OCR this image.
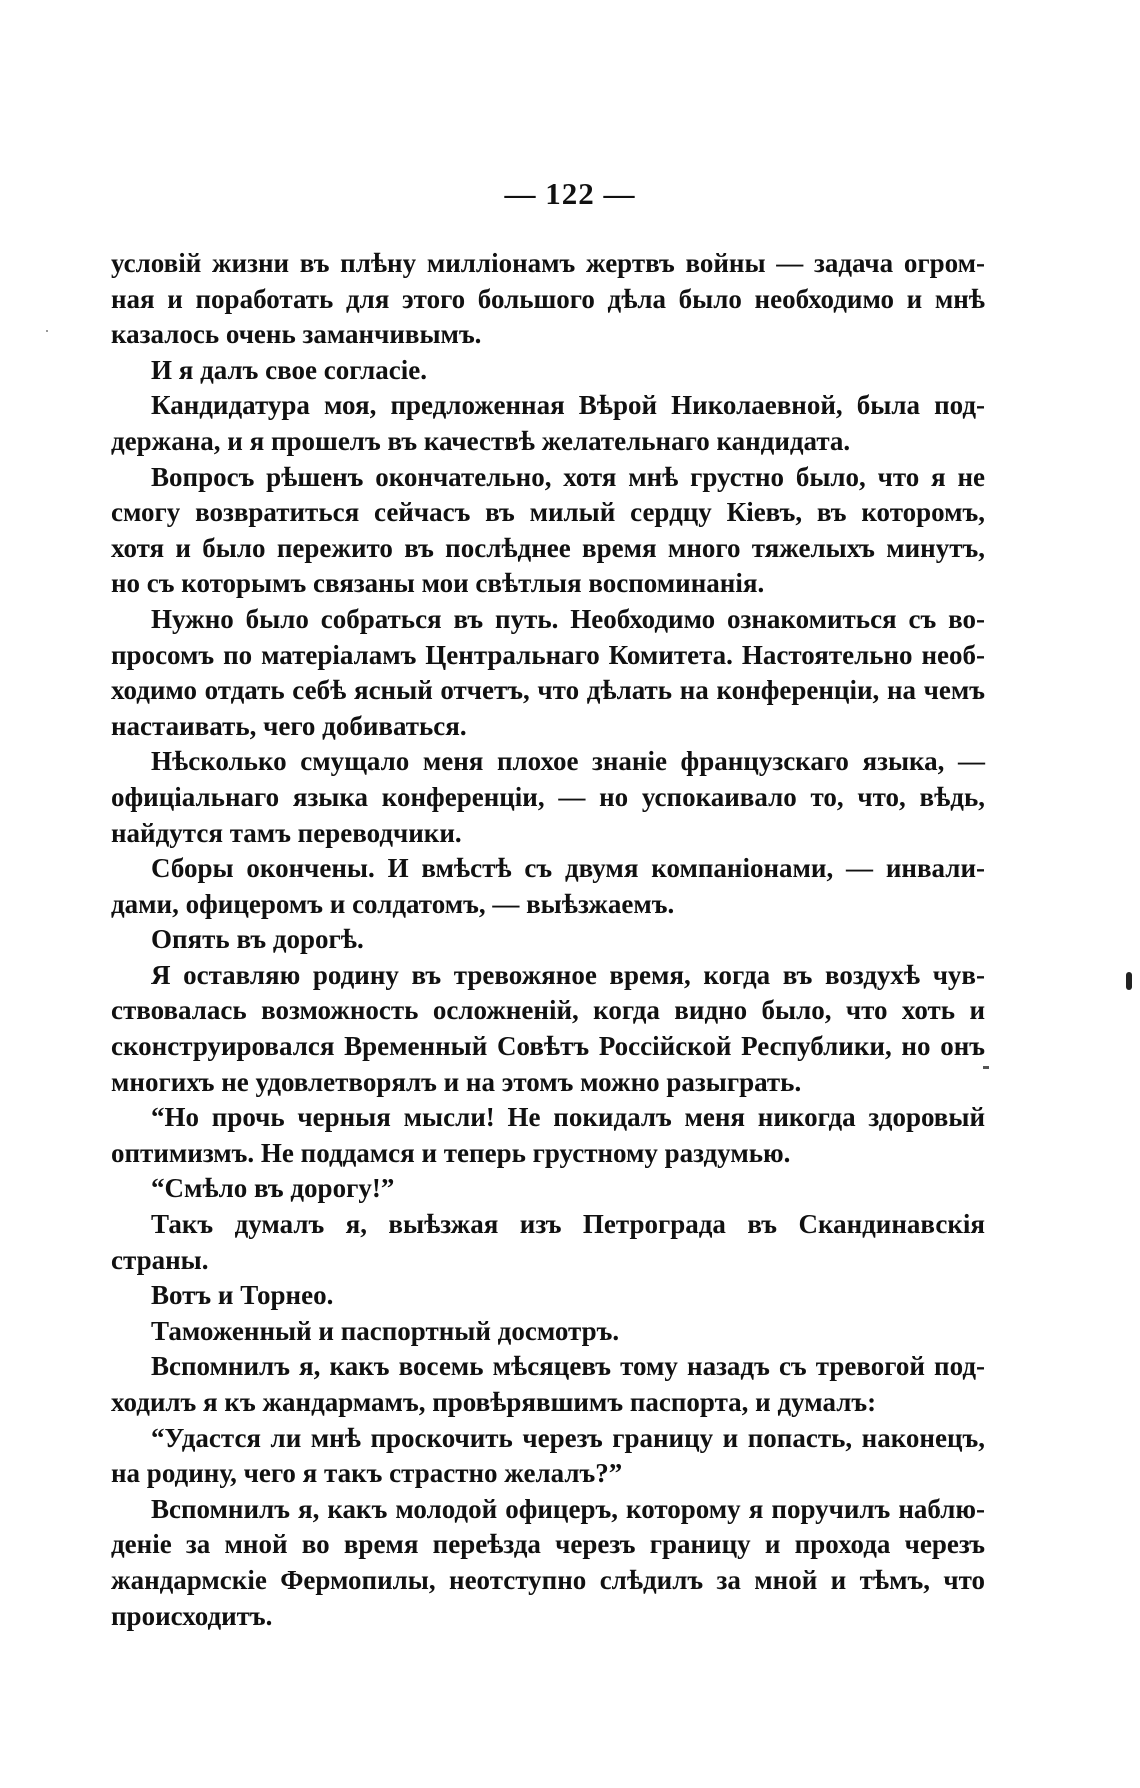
— 122 —
условій жизни въ плѣну милліонамъ жертвъ войны — задача огром-
ная и поработать для этого большого дѣла было необходимо и мнѣ
казалось очень заманчивымъ.
И я далъ свое согласіе.
Кандидатура моя, предложенная Вѣрой Николаевной, была под-
держана, и я прошелъ въ качествѣ желательнаго кандидата.
Вопросъ рѣшенъ окончательно, хотя мнѣ грустно было, что я не
смогу возвратиться сейчасъ въ милый сердцу Кіевъ, въ которомъ,
хотя и было пережито въ послѣднее время много тяжелыхъ минутъ,
но съ которымъ связаны мои свѣтлыя воспоминанія.
Нужно было собраться въ путь. Необходимо ознакомиться съ во-
просомъ по матеріаламъ Центральнаго Комитета. Настоятельно необ-
ходимо отдать себѣ ясный отчетъ, что дѣлать на конференціи, на чемъ
настаивать, чего добиваться.
Нѣсколько смущало меня плохое знаніе французскаго языка, —
офиціальнаго языка конференціи, — но успокаивало то, что, вѣдь,
найдутся тамъ переводчики.
Сборы окончены. И вмѣстѣ съ двумя компаніонами, — инвали-
дами, офицеромъ и солдатомъ, — выѣзжаемъ.
Опять въ дорогѣ.
Я оставляю родину въ тревожяное время, когда въ воздухѣ чув-
ствовалась возможность осложненій, когда видно было, что хоть и
сконструировался Временный Совѣтъ Россійской Республики, но онъ
многихъ не удовлетворялъ и на этомъ можно разыграть.
“Но прочь черныя мысли! Не покидалъ меня никогда здоровый
оптимизмъ. Не поддамся и теперь грустному раздумью.
“Смѣло въ дорогу!”
Такъ думалъ я, выѣзжая изъ Петрограда въ Скандинавскія
страны.
Вотъ и Торнео.
Таможенный и паспортный досмотръ.
Вспомнилъ я, какъ восемь мѣсяцевъ тому назадъ съ тревогой под-
ходилъ я къ жандармамъ, провѣрявшимъ паспорта, и думалъ:
“Удастся ли мнѣ проскочить черезъ границу и попасть, наконецъ,
на родину, чего я такъ страстно желалъ?”
Вспомнилъ я, какъ молодой офицеръ, которому я поручилъ наблю-
деніе за мной во время переѣзда черезъ границу и прохода черезъ
жандармскіе Фермопилы, неотступно слѣдилъ за мной и тѣмъ, что
происходитъ.
